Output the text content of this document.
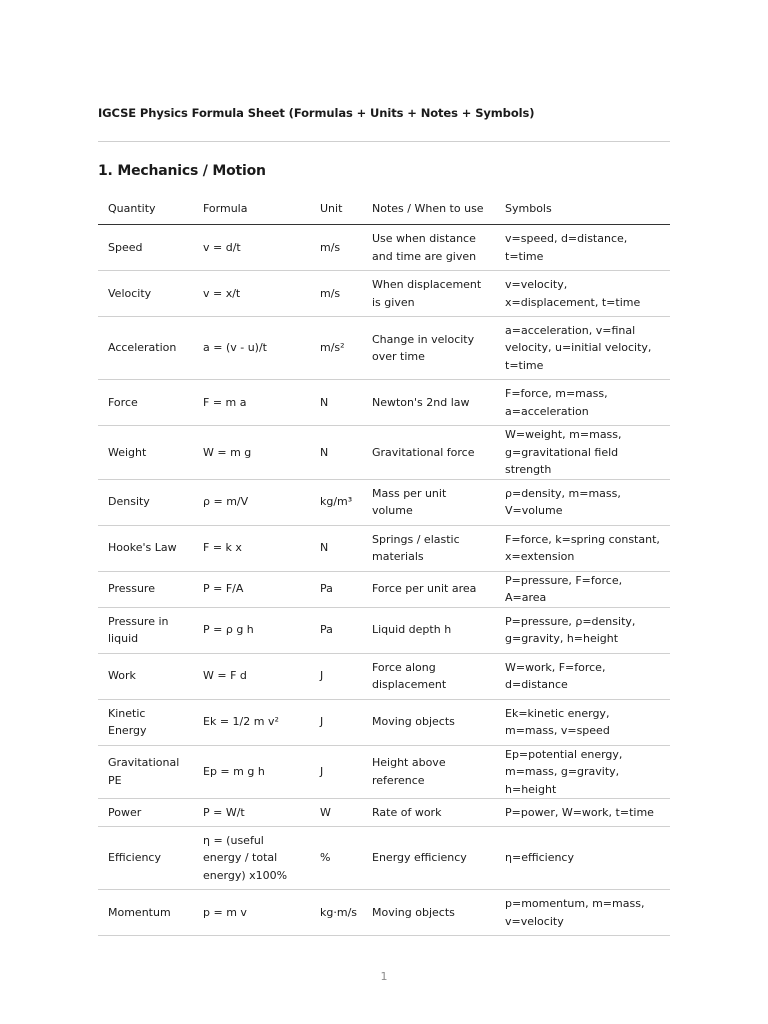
IGCSE Physics Formula Sheet (Formulas + Units + Notes + Symbols)
1. Mechanics / Motion
Quantity	Formula	Unit	Notes / When to use	Symbols
Speed	v = d/t	m/s	Use when distance and time are given	v=speed, d=distance, t=time
Velocity	v = x/t	m/s	When displacement is given	v=velocity, x=displacement, t=time
Acceleration	a = (v - u)/t	m/s²	Change in velocity over time	a=acceleration, v=final velocity, u=initial velocity, t=time
Force	F = m a	N	Newton's 2nd law	F=force, m=mass, a=acceleration
Weight	W = m g	N	Gravitational force	W=weight, m=mass, g=gravitational field strength
Density	ρ = m/V	kg/m³	Mass per unit volume	ρ=density, m=mass, V=volume
Hooke's Law	F = k x	N	Springs / elastic materials	F=force, k=spring constant, x=extension
Pressure	P = F/A	Pa	Force per unit area	P=pressure, F=force, A=area
Pressure in liquid	P = ρ g h	Pa	Liquid depth h	P=pressure, ρ=density, g=gravity, h=height
Work	W = F d	J	Force along displacement	W=work, F=force, d=distance
Kinetic Energy	Ek = 1/2 m v²	J	Moving objects	Ek=kinetic energy, m=mass, v=speed
Gravitational PE	Ep = m g h	J	Height above reference	Ep=potential energy, m=mass, g=gravity, h=height
Power	P = W/t	W	Rate of work	P=power, W=work, t=time
Efficiency	η = (useful energy / total energy) x100%	%	Energy efficiency	η=efficiency
Momentum	p = m v	kg·m/s	Moving objects	p=momentum, m=mass, v=velocity
1
